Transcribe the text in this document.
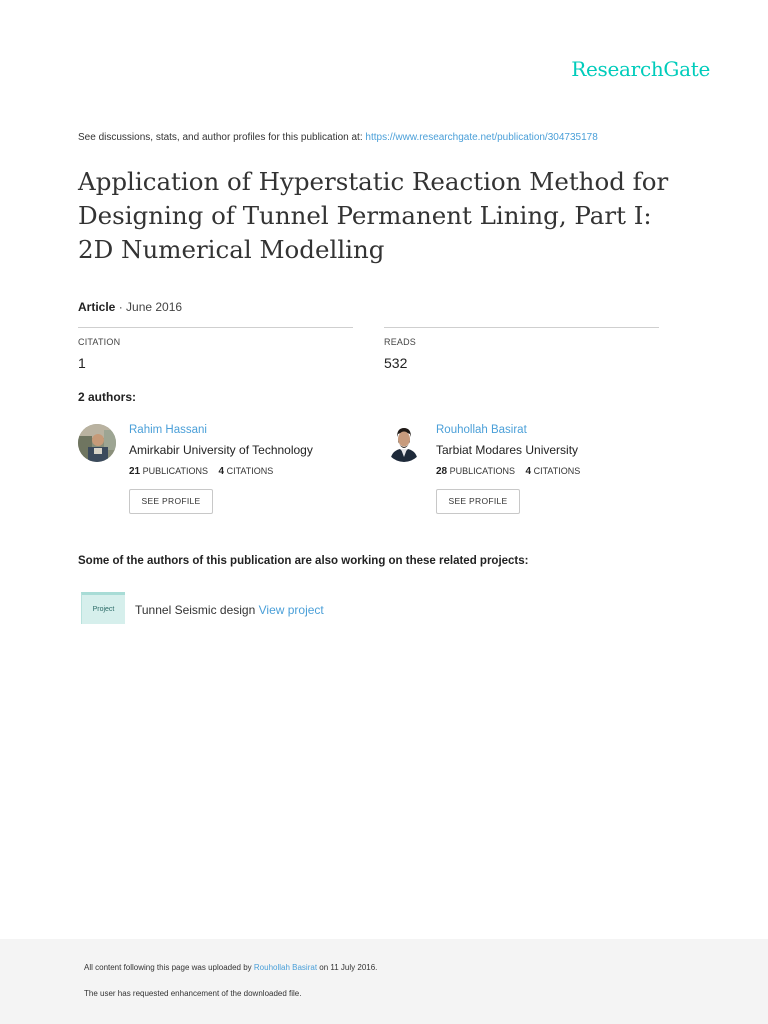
ResearchGate
See discussions, stats, and author profiles for this publication at: https://www.researchgate.net/publication/304735178
Application of Hyperstatic Reaction Method for
Designing of Tunnel Permanent Lining, Part I:
2D Numerical Modelling
Article · June 2016
CITATION
1
READS
532
2 authors:
Rahim Hassani
Amirkabir University of Technology
21 PUBLICATIONS 4 CITATIONS
SEE PROFILE
Rouhollah Basirat
Tarbiat Modares University
28 PUBLICATIONS 4 CITATIONS
SEE PROFILE
Some of the authors of this publication are also working on these related projects:
Project	Tunnel Seismic design View project
All content following this page was uploaded by Rouhollah Basirat on 11 July 2016.
The user has requested enhancement of the downloaded file.
